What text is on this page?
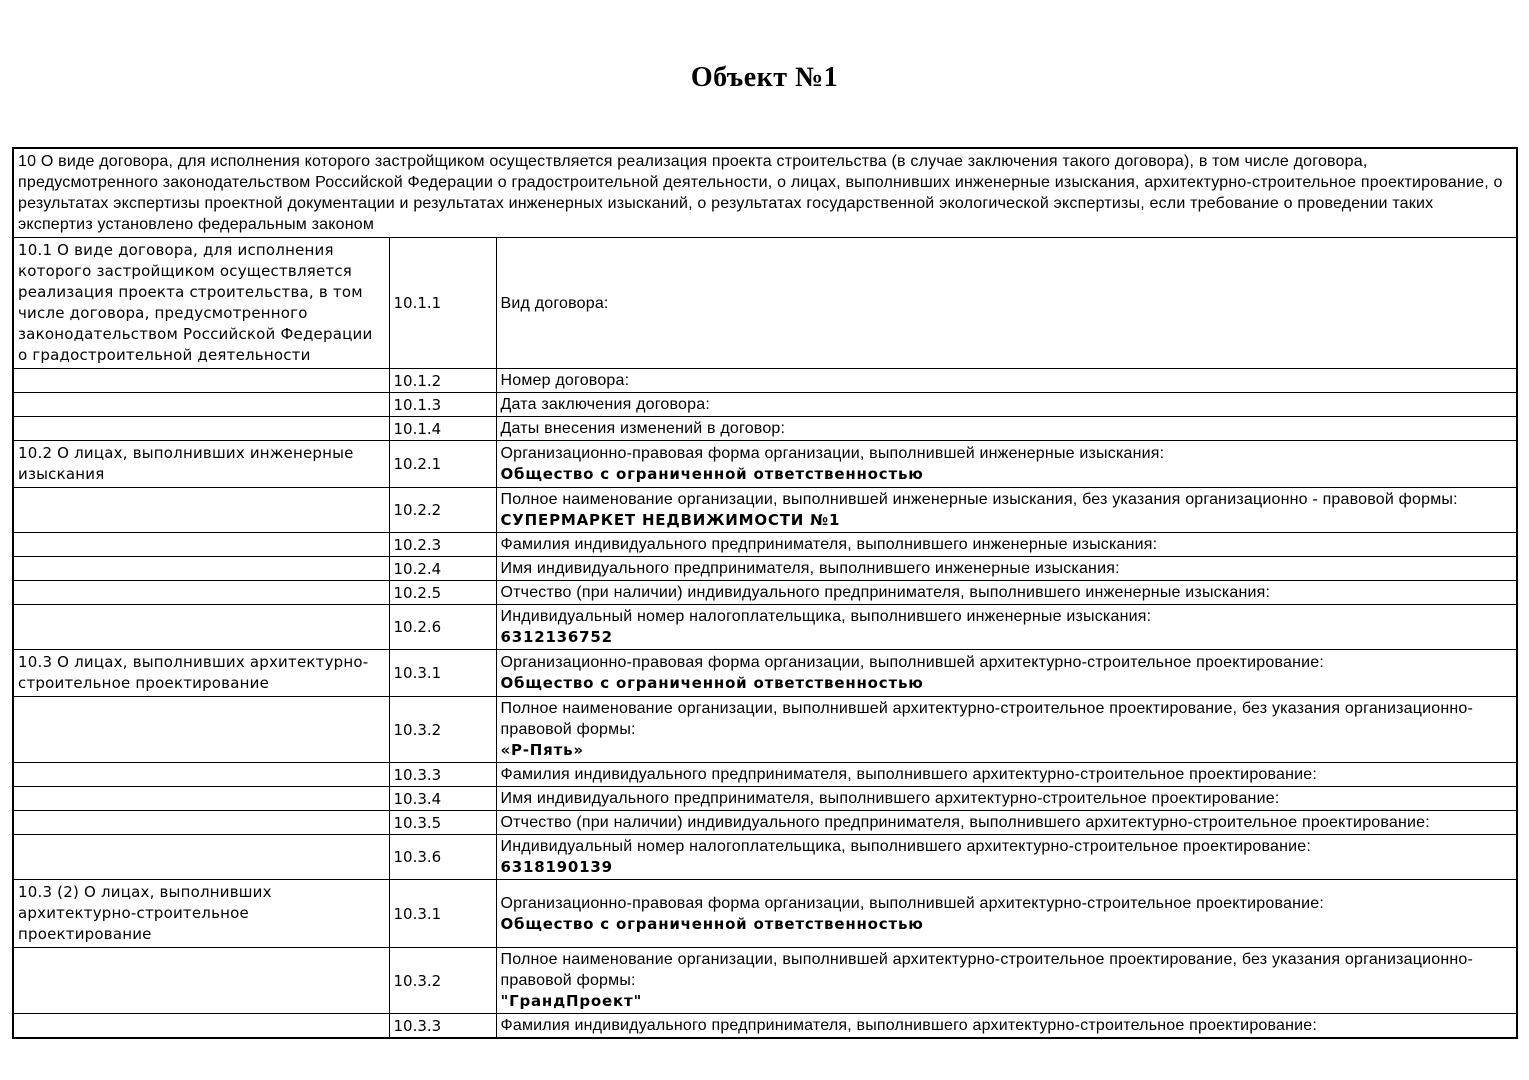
Объект №1
10 О виде договора, для исполнения которого застройщиком осуществляется реализация проекта строительства (в случае заключения такого договора), в том числе договора, предусмотренного законодательством Российской Федерации о градостроительной деятельности, о лицах, выполнивших инженерные изыскания, архитектурно-строительное проектирование, о результатах экспертизы проектной документации и результатах инженерных изысканий, о результатах государственной экологической экспертизы, если требование о проведении таких экспертиз установлено федеральным законом		
10.1 О виде договора, для исполнения которого застройщиком осуществляется реализация проекта строительства, в том числе договора, предусмотренного законодательством Российской Федерации о градостроительной деятельности	10.1.1	Вид договора:

	10.1.2	Номер договора:

	10.1.3	Дата заключения договора:

	10.1.4	Даты внесения изменений в договор:

10.2 О лицах, выполнивших инженерные изыскания	10.2.1	Организационно-правовая форма организации, выполнившей инженерные изыскания:
Общество с ограниченной ответственностью

	10.2.2	Полное наименование организации, выполнившей инженерные изыскания, без указания организационно - правовой формы:
СУПЕРМАРКЕТ НЕДВИЖИМОСТИ №1

	10.2.3	Фамилия индивидуального предпринимателя, выполнившего инженерные изыскания:

	10.2.4	Имя индивидуального предпринимателя, выполнившего инженерные изыскания:

	10.2.5	Отчество (при наличии) индивидуального предпринимателя, выполнившего инженерные изыскания:

	10.2.6	Индивидуальный номер налогоплательщика, выполнившего инженерные изыскания:
6312136752

10.3 О лицах, выполнивших архитектурно-строительное проектирование	10.3.1	Организационно-правовая форма организации, выполнившей архитектурно-строительное проектирование:
Общество с ограниченной ответственностью

	10.3.2	Полное наименование организации, выполнившей архитектурно-строительное проектирование, без указания организационно-правовой формы:
«Р-Пять»

	10.3.3	Фамилия индивидуального предпринимателя, выполнившего архитектурно-строительное проектирование:

	10.3.4	Имя индивидуального предпринимателя, выполнившего архитектурно-строительное проектирование:

	10.3.5	Отчество (при наличии) индивидуального предпринимателя, выполнившего архитектурно-строительное проектирование:

	10.3.6	Индивидуальный номер налогоплательщика, выполнившего архитектурно-строительное проектирование:
6318190139

10.3 (2) О лицах, выполнивших архитектурно-строительное проектирование	10.3.1	Организационно-правовая форма организации, выполнившей архитектурно-строительное проектирование:
Общество с ограниченной ответственностью

	10.3.2	Полное наименование организации, выполнившей архитектурно-строительное проектирование, без указания организационно-правовой формы:
"ГрандПроект"

	10.3.3	Фамилия индивидуального предпринимателя, выполнившего архитектурно-строительное проектирование:
